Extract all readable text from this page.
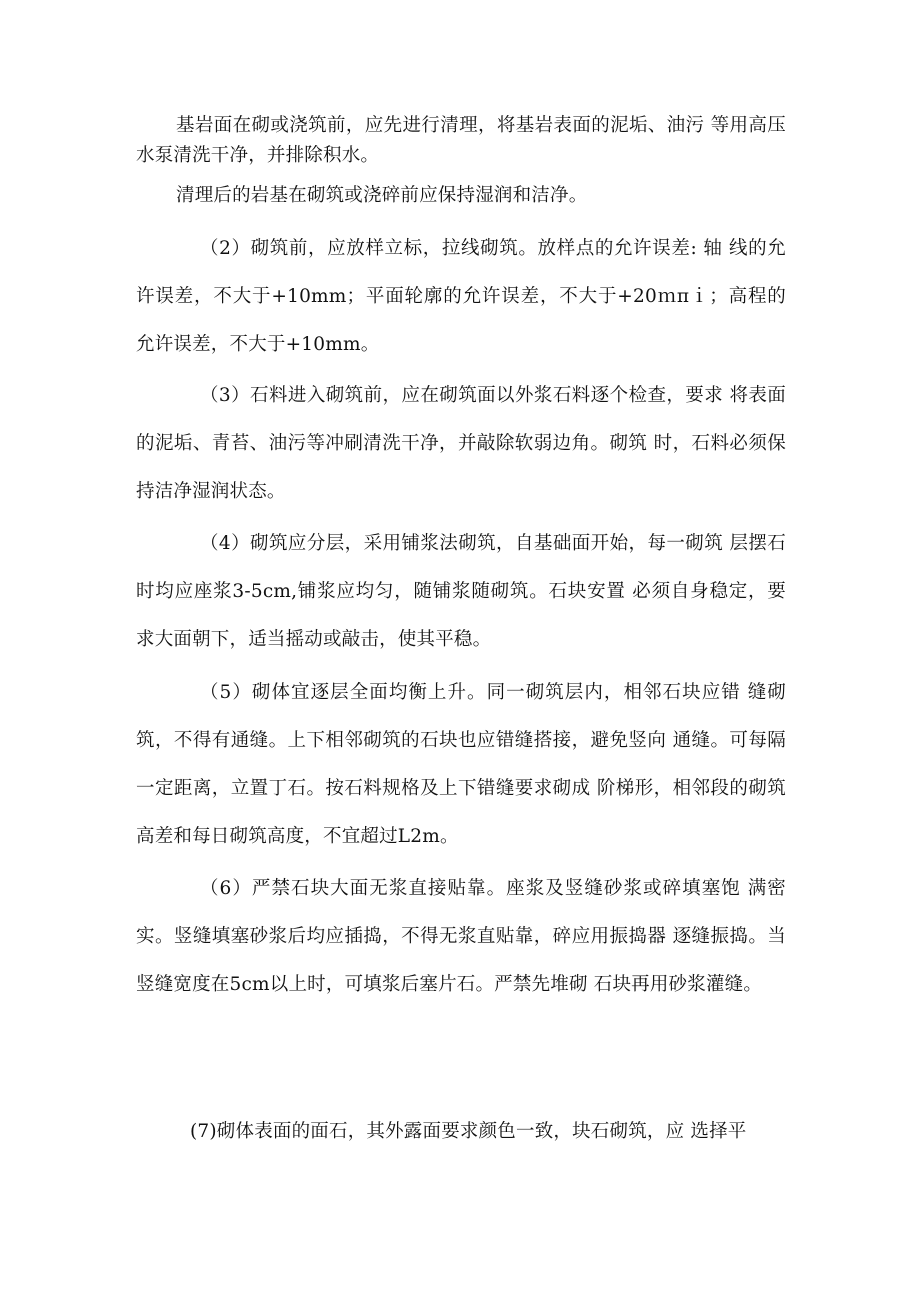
基岩面在砌或浇筑前，应先进行清理，将基岩表面的泥垢、油污 等用高压水泵清洗干净，并排除积水。

清理后的岩基在砌筑或浇碎前应保持湿润和洁净。

（2）砌筑前，应放样立标，拉线砌筑。放样点的允许误差: 轴 线的允许误差，不大于+10mm；平面轮廓的允许误差，不大于+20ｍπｉ；高程的允许误差，不大于+10mm。

（3）石料进入砌筑前，应在砌筑面以外浆石料逐个检查，要求 将表面的泥垢、青苔、油污等冲刷清洗干净，并敲除软弱边角。砌筑 时，石料必须保持洁净湿润状态。

（4）砌筑应分层，采用铺浆法砌筑，自基础面开始，每一砌筑 层摆石时均应座浆3-5cm,铺浆应均匀，随铺浆随砌筑。石块安置 必须自身稳定，要求大面朝下，适当摇动或敲击，使其平稳。

（5）砌体宜逐层全面均衡上升。同一砌筑层内，相邻石块应错 缝砌筑，不得有通缝。上下相邻砌筑的石块也应错缝搭接，避免竖向 通缝。可每隔一定距离，立置丁石。按石料规格及上下错缝要求砌成 阶梯形，相邻段的砌筑高差和每日砌筑高度，不宜超过L2m。

（6）严禁石块大面无浆直接贴靠。座浆及竖缝砂浆或碎填塞饱 满密实。竖缝填塞砂浆后均应插捣，不得无浆直贴靠，碎应用振捣器 逐缝振捣。当竖缝宽度在5cm以上时，可填浆后塞片石。严禁先堆砌 石块再用砂浆灌缝。

(7)砌体表面的面石，其外露面要求颜色一致，块石砌筑，应 选择平
